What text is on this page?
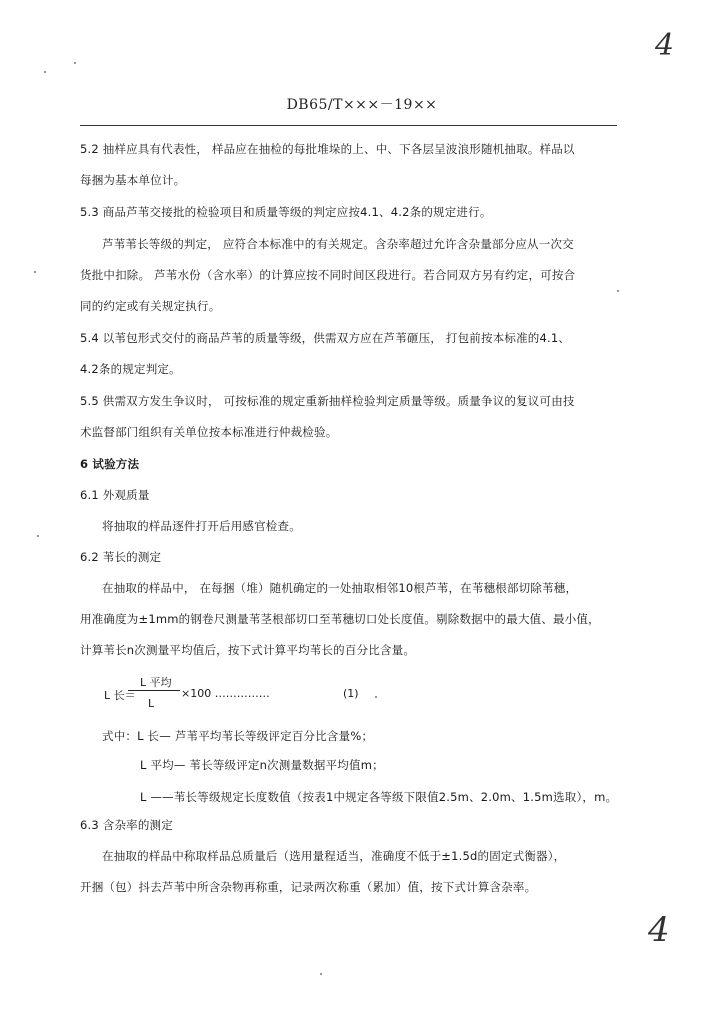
4
DB65/T×××－19××
5.2 抽样应具有代表性， 样品应在抽检的每批堆垛的上、中、下各层呈波浪形随机抽取。样品以
每捆为基本单位计。
5.3 商品芦苇交接批的检验项目和质量等级的判定应按4.1、4.2条的规定进行。
芦苇苇长等级的判定， 应符合本标准中的有关规定。含杂率超过允许含杂量部分应从一次交
货批中扣除。 芦苇水份（含水率）的计算应按不同时间区段进行。若合同双方另有约定，可按合
同的约定或有关规定执行。
5.4 以苇包形式交付的商品芦苇的质量等级，供需双方应在芦苇砸压， 打包前按本标准的4.1、
4.2条的规定判定。
5.5 供需双方发生争议时， 可按标准的规定重新抽样检验判定质量等级。质量争议的复议可由技
术监督部门组织有关单位按本标准进行仲裁检验。
6 试验方法
6.1 外观质量
将抽取的样品逐件打开后用感官检查。
6.2 苇长的测定
在抽取的样品中， 在每捆（堆）随机确定的一处抽取相邻10根芦苇，在苇穗根部切除苇穗，
用准确度为±1mm的钢卷尺测量苇茎根部切口至苇穗切口处长度值。剔除数据中的最大值、最小值，
计算苇长n次测量平均值后，按下式计算平均苇长的百分比含量。
L 平均
L 长＝	×100 ……………	(1)
L
式中：L 长— 芦苇平均苇长等级评定百分比含量%；
L 平均— 苇长等级评定n次测量数据平均值m；
L ——苇长等级规定长度数值（按表1中规定各等级下限值2.5m、2.0m、1.5m选取），m。
6.3 含杂率的测定
在抽取的样品中称取样品总质量后（选用量程适当，准确度不低于±1.5d的固定式衡器），
开捆（包）抖去芦苇中所含杂物再称重，记录两次称重（累加）值，按下式计算含杂率。
4
